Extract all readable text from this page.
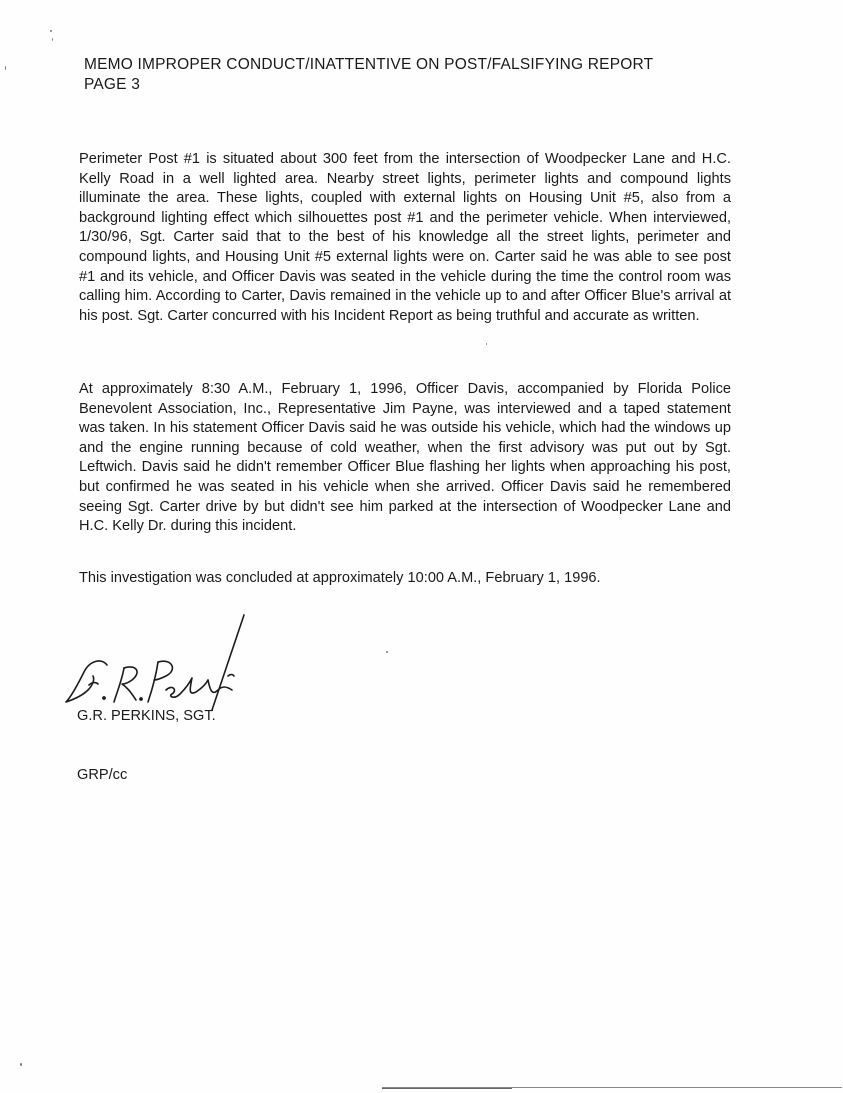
MEMO IMPROPER CONDUCT/INATTENTIVE ON POST/FALSIFYING REPORT
PAGE 3

Perimeter Post #1 is situated about 300 feet from the intersection of Woodpecker Lane and H.C. Kelly Road in a well lighted area. Nearby street lights, perimeter lights and compound lights illuminate the area. These lights, coupled with external lights on Housing Unit #5, also from a background lighting effect which silhouettes post #1 and the perimeter vehicle. When interviewed, 1/30/96, Sgt. Carter said that to the best of his knowledge all the street lights, perimeter and compound lights, and Housing Unit #5 external lights were on. Carter said he was able to see post #1 and its vehicle, and Officer Davis was seated in the vehicle during the time the control room was calling him. According to Carter, Davis remained in the vehicle up to and after Officer Blue's arrival at his post. Sgt. Carter concurred with his Incident Report as being truthful and accurate as written.

At approximately 8:30 A.M., February 1, 1996, Officer Davis, accompanied by Florida Police Benevolent Association, Inc., Representative Jim Payne, was interviewed and a taped statement was taken. In his statement Officer Davis said he was outside his vehicle, which had the windows up and the engine running because of cold weather, when the first advisory was put out by Sgt. Leftwich. Davis said he didn't remember Officer Blue flashing her lights when approaching his post, but confirmed he was seated in his vehicle when she arrived. Officer Davis said he remembered seeing Sgt. Carter drive by but didn't see him parked at the intersection of Woodpecker Lane and H.C. Kelly Dr. during this incident.

This investigation was concluded at approximately 10:00 A.M., February 1, 1996.

G.R. PERKINS, SGT.
GRP/cc
